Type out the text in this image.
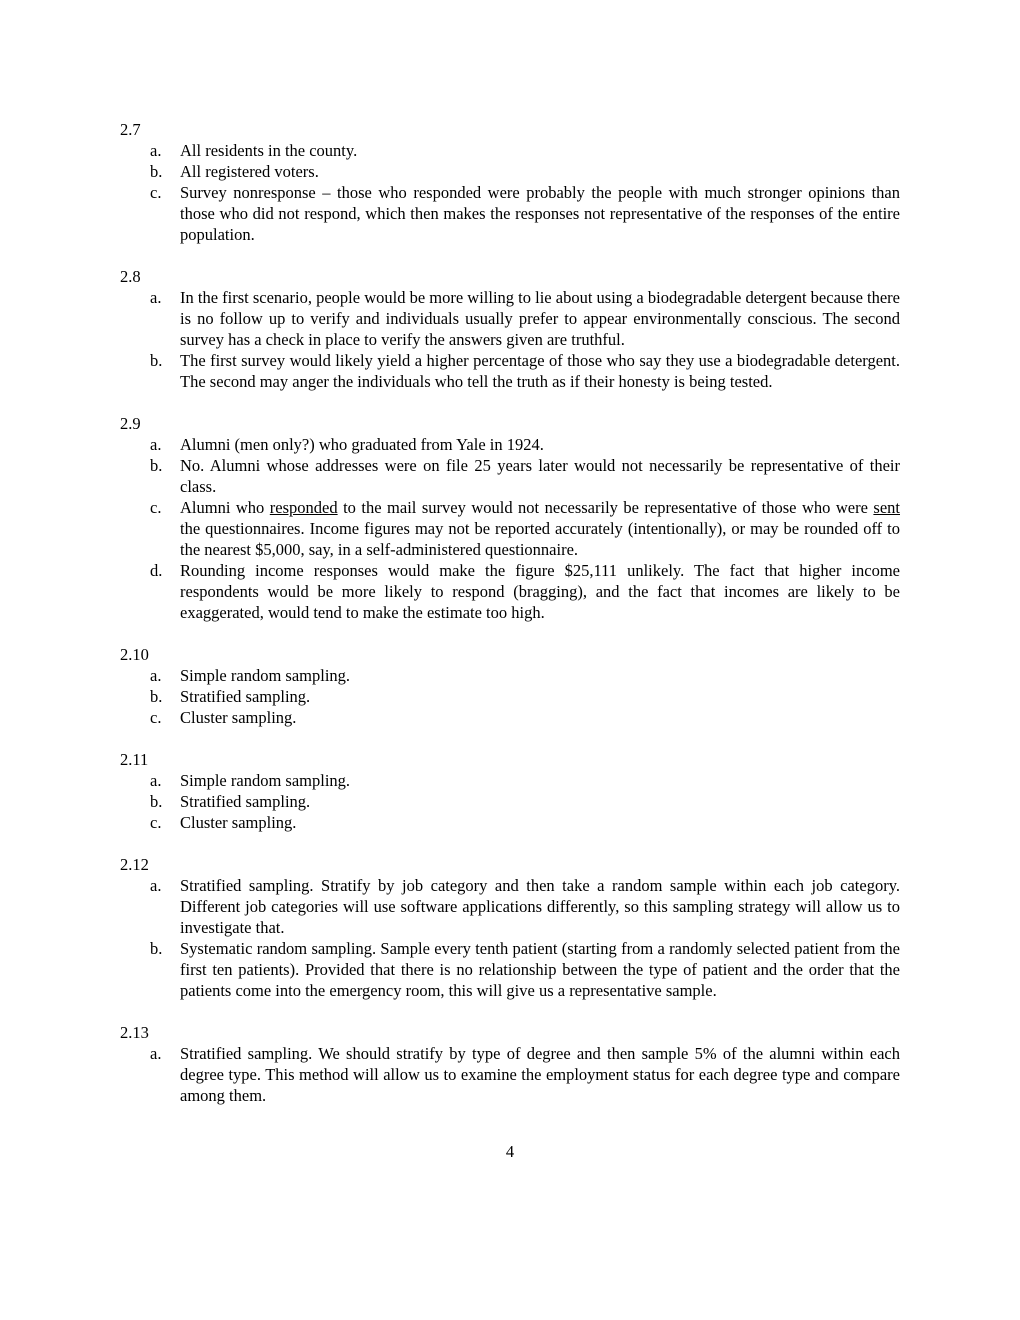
2.7
a. All residents in the county.
b. All registered voters.
c. Survey nonresponse – those who responded were probably the people with much stronger opinions than those who did not respond, which then makes the responses not representative of the responses of the entire population.
2.8
a. In the first scenario, people would be more willing to lie about using a biodegradable detergent because there is no follow up to verify and individuals usually prefer to appear environmentally conscious. The second survey has a check in place to verify the answers given are truthful.
b. The first survey would likely yield a higher percentage of those who say they use a biodegradable detergent. The second may anger the individuals who tell the truth as if their honesty is being tested.
2.9
a. Alumni (men only?) who graduated from Yale in 1924.
b. No. Alumni whose addresses were on file 25 years later would not necessarily be representative of their class.
c. Alumni who responded to the mail survey would not necessarily be representative of those who were sent the questionnaires. Income figures may not be reported accurately (intentionally), or may be rounded off to the nearest $5,000, say, in a self-administered questionnaire.
d. Rounding income responses would make the figure $25,111 unlikely. The fact that higher income respondents would be more likely to respond (bragging), and the fact that incomes are likely to be exaggerated, would tend to make the estimate too high.
2.10
a. Simple random sampling.
b. Stratified sampling.
c. Cluster sampling.
2.11
a. Simple random sampling.
b. Stratified sampling.
c. Cluster sampling.
2.12
a. Stratified sampling. Stratify by job category and then take a random sample within each job category. Different job categories will use software applications differently, so this sampling strategy will allow us to investigate that.
b. Systematic random sampling. Sample every tenth patient (starting from a randomly selected patient from the first ten patients). Provided that there is no relationship between the type of patient and the order that the patients come into the emergency room, this will give us a representative sample.
2.13
a. Stratified sampling. We should stratify by type of degree and then sample 5% of the alumni within each degree type. This method will allow us to examine the employment status for each degree type and compare among them.
4
